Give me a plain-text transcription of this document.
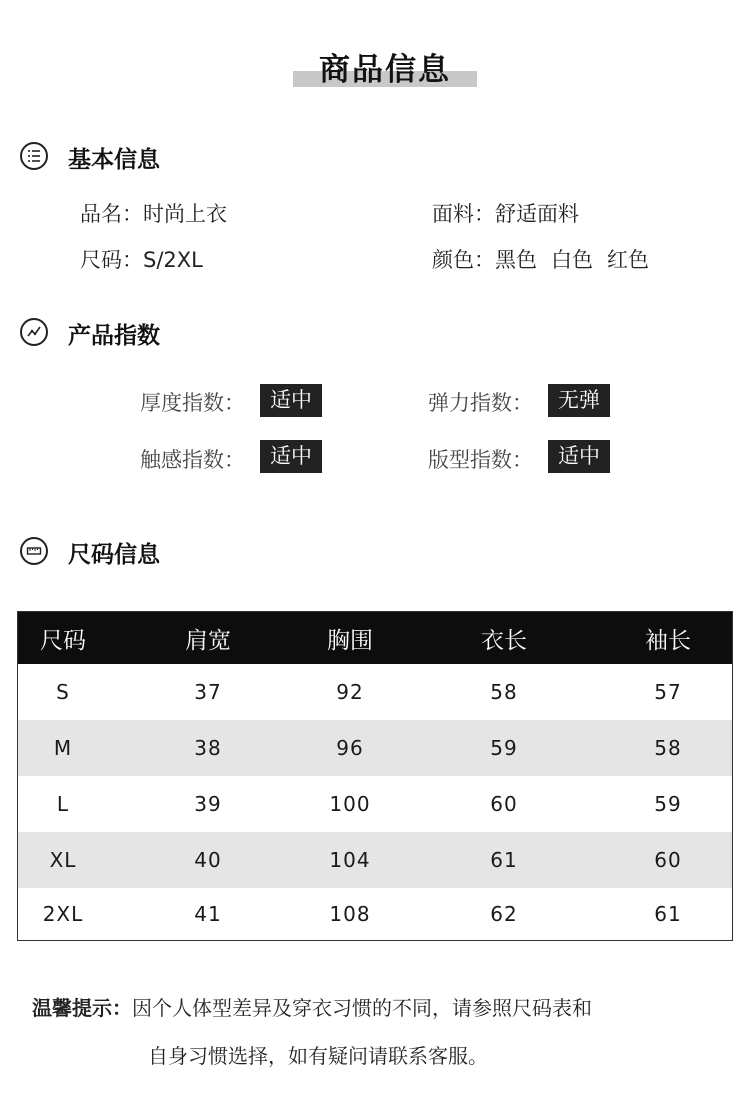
商品信息
基本信息
品名：时尚上衣	面料：舒适面料
尺码：S/2XL	颜色：黑色 白色 红色
产品指数
厚度指数：	适中	弹力指数：	无弹
触感指数：	适中	版型指数：	适中
尺码信息
尺码	肩宽	胸围	衣长	袖长
S	37	92	58	57
M	38	96	59	58
L	39	100	60	59
XL	40	104	61	60
2XL	41	108	62	61
温馨提示：因个人体型差异及穿衣习惯的不同，请参照尺码表和
自身习惯选择，如有疑问请联系客服。
